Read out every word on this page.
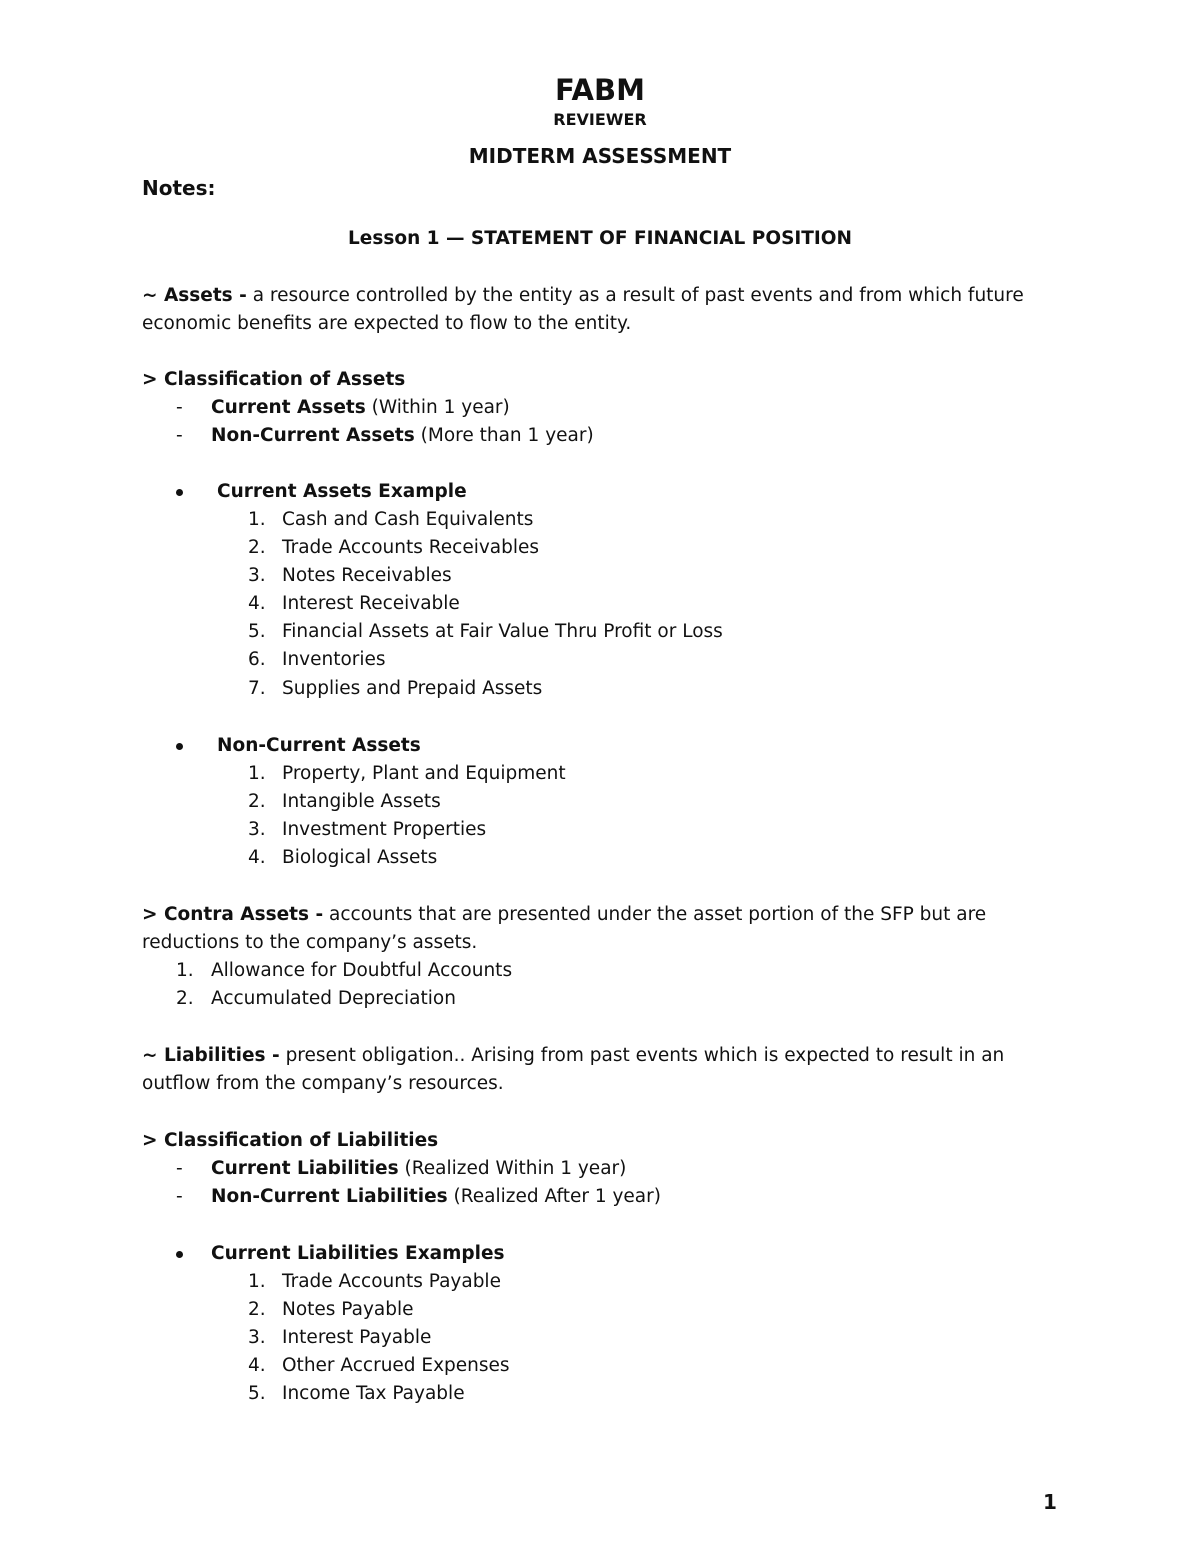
FABM
REVIEWER
MIDTERM ASSESSMENT
Notes:
Lesson 1 — STATEMENT OF FINANCIAL POSITION
~ Assets - a resource controlled by the entity as a result of past events and from which future
economic benefits are expected to flow to the entity.
> Classification of Assets
- Current Assets (Within 1 year)
- Non-Current Assets (More than 1 year)
Current Assets Example
1. Cash and Cash Equivalents
2. Trade Accounts Receivables
3. Notes Receivables
4. Interest Receivable
5. Financial Assets at Fair Value Thru Profit or Loss
6. Inventories
7. Supplies and Prepaid Assets
Non-Current Assets
1. Property, Plant and Equipment
2. Intangible Assets
3. Investment Properties
4. Biological Assets
> Contra Assets - accounts that are presented under the asset portion of the SFP but are
reductions to the company’s assets.
1. Allowance for Doubtful Accounts
2. Accumulated Depreciation
~ Liabilities - present obligation.. Arising from past events which is expected to result in an
outflow from the company’s resources.
> Classification of Liabilities
- Current Liabilities (Realized Within 1 year)
- Non-Current Liabilities (Realized After 1 year)
Current Liabilities Examples
1. Trade Accounts Payable
2. Notes Payable
3. Interest Payable
4. Other Accrued Expenses
5. Income Tax Payable
1
